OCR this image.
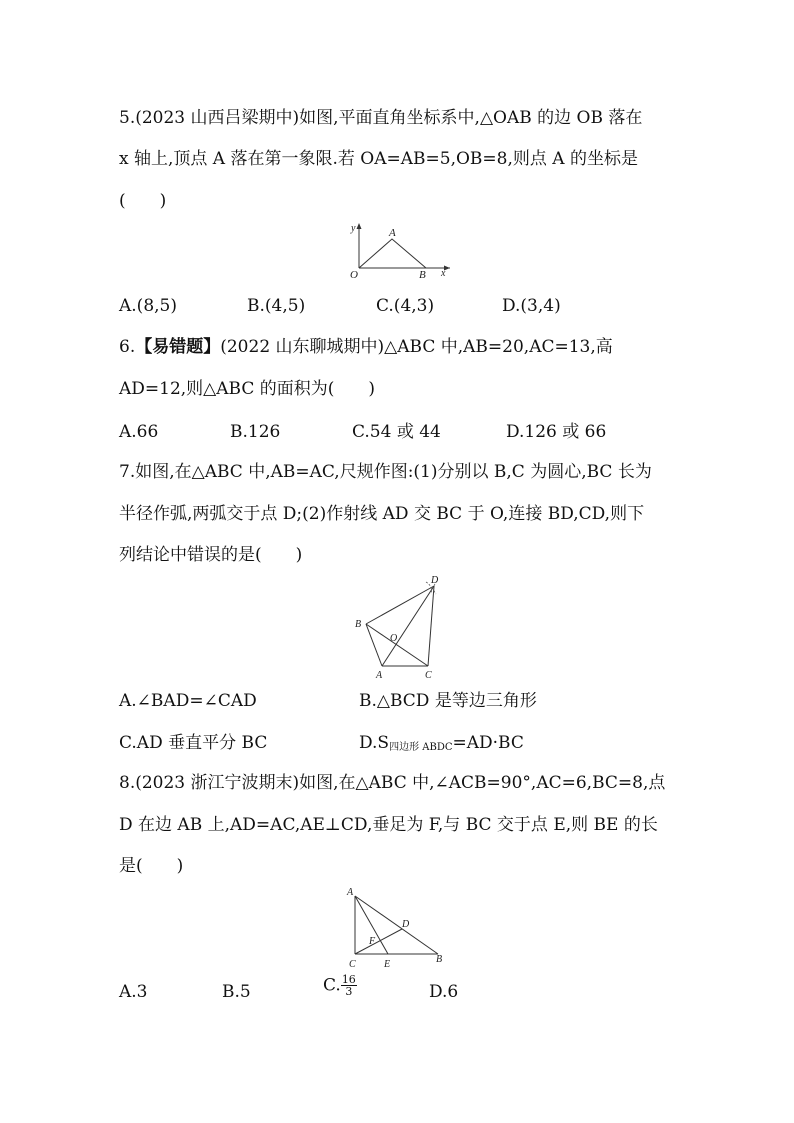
5.(2023 山西吕梁期中)如图,平面直角坐标系中,△OAB 的边 OB 落在
x 轴上,顶点 A 落在第一象限.若 OA=AB=5,OB=8,则点 A 的坐标是
(　　)
y
x
O
A
B
A.(8,5)	B.(4,5)	C.(4,3)	D.(3,4)
6.【易错题】(2022 山东聊城期中)△ABC 中,AB=20,AC=13,高
AD=12,则△ABC 的面积为(　　)
A.66	B.126	C.54 或 44	D.126 或 66
7.如图,在△ABC 中,AB=AC,尺规作图:(1)分别以 B,C 为圆心,BC 长为
半径作弧,两弧交于点 D;(2)作射线 AD 交 BC 于 O,连接 BD,CD,则下
列结论中错误的是(　　)
D
B
O
A	C
A.∠BAD=∠CAD	B.△BCD 是等边三角形
C.AD 垂直平分 BC	$D.S_{四边形 ABDC}=AD\cdot BC$
8.(2023 浙江宁波期末)如图,在△ABC 中,∠ACB=90°,AC=6,BC=8,点
D 在边 AB 上,AD=AC,AE⊥CD,垂足为 F,与 BC 交于点 E,则 BE 的长
是(　　)
A
D
F
C	E	B
A.3	B.5	C. $\frac{16}{3}$	D.6
